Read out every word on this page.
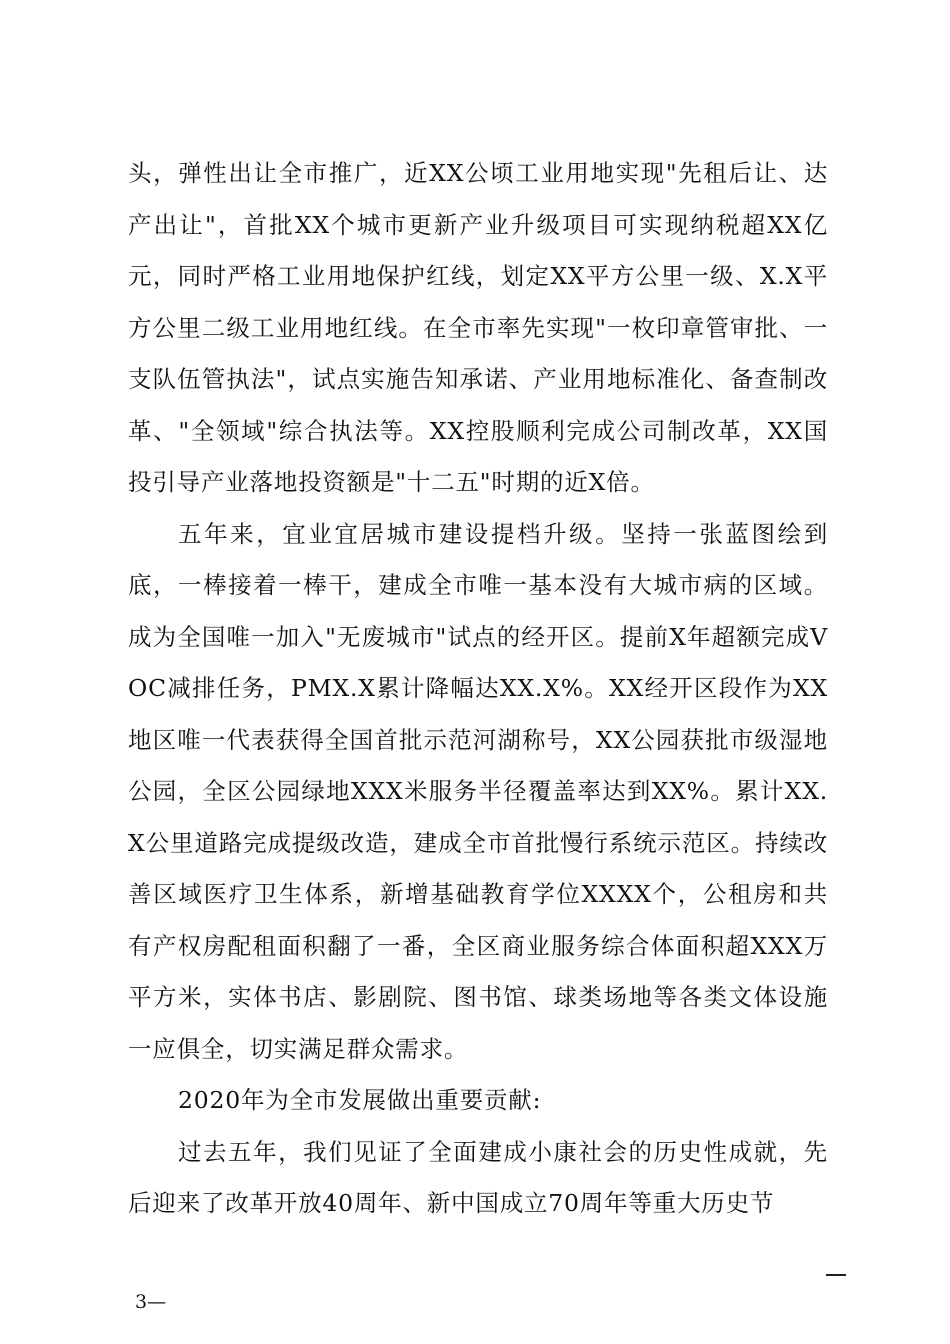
头，弹性出让全市推广，近XX公顷工业用地实现"先租后让、达产出让"，首批XX个城市更新产业升级项目可实现纳税超XX亿元，同时严格工业用地保护红线，划定XX平方公里一级、X.X平方公里二级工业用地红线。在全市率先实现"一枚印章管审批、一支队伍管执法"，试点实施告知承诺、产业用地标准化、备查制改革、"全领域"综合执法等。XX控股顺利完成公司制改革，XX国投引导产业落地投资额是"十二五"时期的近X倍。

五年来，宜业宜居城市建设提档升级。坚持一张蓝图绘到底，一棒接着一棒干，建成全市唯一基本没有大城市病的区域。成为全国唯一加入"无废城市"试点的经开区。提前X年超额完成VOC减排任务，PMX.X累计降幅达XX.X%。XX经开区段作为XX地区唯一代表获得全国首批示范河湖称号，XX公园获批市级湿地公园，全区公园绿地XXX米服务半径覆盖率达到XX%。累计XX.X公里道路完成提级改造，建成全市首批慢行系统示范区。持续改善区域医疗卫生体系，新增基础教育学位XXXX个，公租房和共有产权房配租面积翻了一番，全区商业服务综合体面积超XXX万平方米，实体书店、影剧院、图书馆、球类场地等各类文体设施一应俱全，切实满足群众需求。

2020年为全市发展做出重要贡献:

过去五年，我们见证了全面建成小康社会的历史性成就，先后迎来了改革开放40周年、新中国成立70周年等重大历史节

3—
